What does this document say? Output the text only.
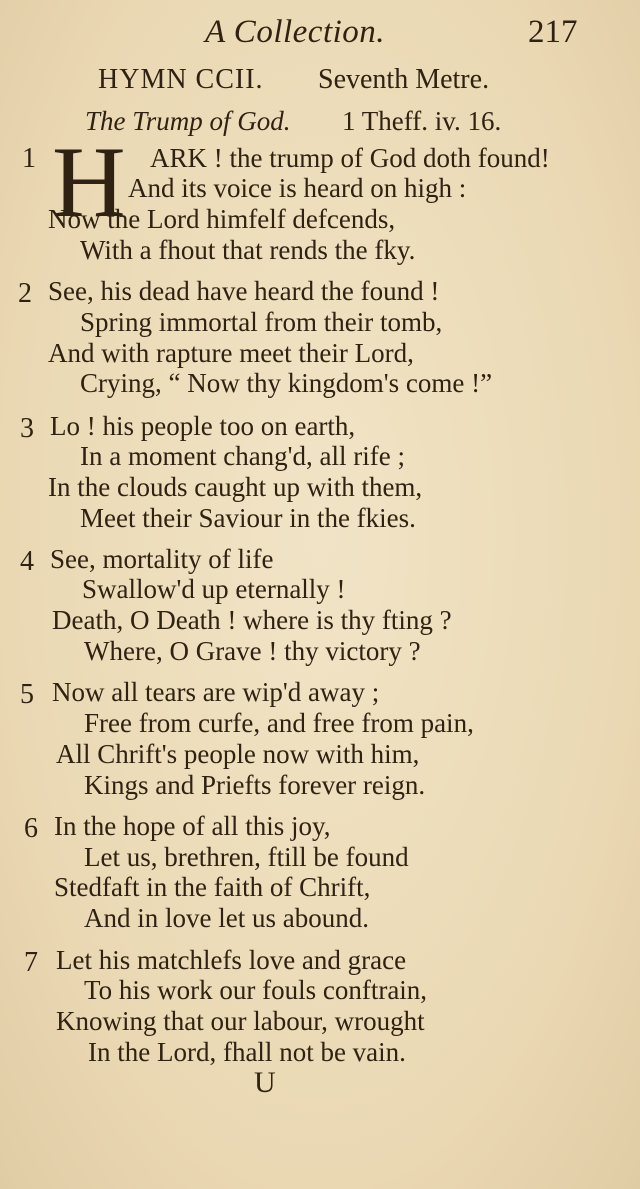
A Collection.	217
HYMN CCII. Seventh Metre.
The Trump of God. 1 Theff. iv. 16.
H
1	ARK ! the trump of God doth found!
And its voice is heard on high :
Now the Lord himfelf defcends,
With a fhout that rends the fky.
2 See, his dead have heard the found !
Spring immortal from their tomb,
And with rapture meet their Lord,
Crying, “ Now thy kingdom's come !”
3 Lo ! his people too on earth,
In a moment chang'd, all rife ;
In the clouds caught up with them,
Meet their Saviour in the fkies.
4 See, mortality of life
Swallow'd up eternally !
Death, O Death ! where is thy fting ?
Where, O Grave ! thy victory ?
5 Now all tears are wip'd away ;
Free from curfe, and free from pain,
All Chrift's people now with him,
Kings and Priefts forever reign.
6 In the hope of all this joy,
Let us, brethren, ftill be found
Stedfaft in the faith of Chrift,
And in love let us abound.
7 Let his matchlefs love and grace
To his work our fouls conftrain,
Knowing that our labour, wrought
In the Lord, fhall not be vain.
U
